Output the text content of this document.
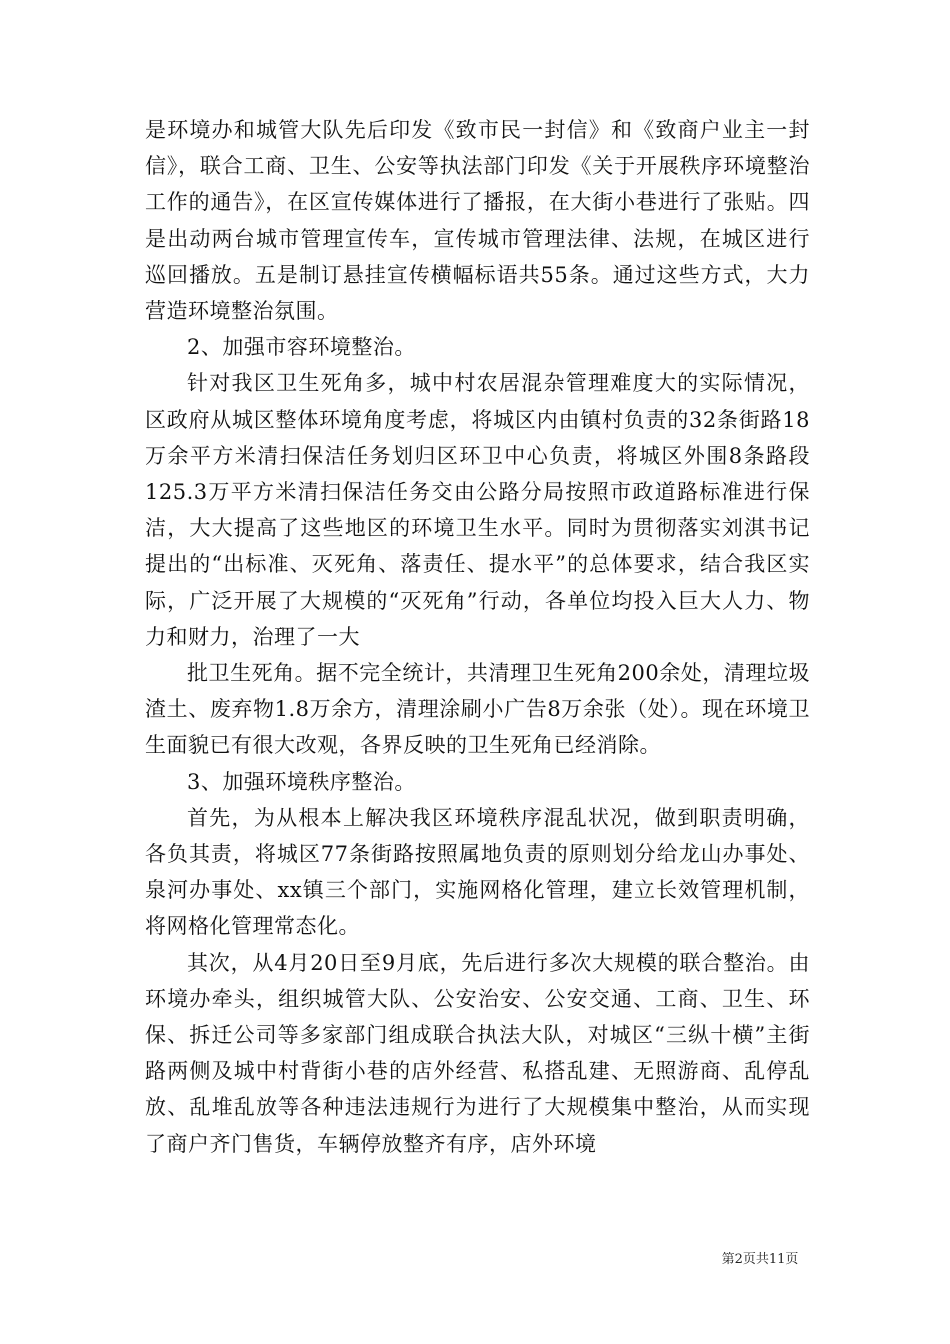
是环境办和城管大队先后印发《致市民一封信》和《致商户业主一封信》，联合工商、卫生、公安等执法部门印发《关于开展秩序环境整治工作的通告》，在区宣传媒体进行了播报，在大街小巷进行了张贴。四是出动两台城市管理宣传车，宣传城市管理法律、法规，在城区进行巡回播放。五是制订悬挂宣传横幅标语共55条。通过这些方式，大力营造环境整治氛围。

2、加强市容环境整治。

针对我区卫生死角多，城中村农居混杂管理难度大的实际情况，区政府从城区整体环境角度考虑，将城区内由镇村负责的32条街路18万余平方米清扫保洁任务划归区环卫中心负责，将城区外围8条路段125.3万平方米清扫保洁任务交由公路分局按照市政道路标准进行保洁，大大提高了这些地区的环境卫生水平。同时为贯彻落实刘淇书记提出的“出标准、灭死角、落责任、提水平”的总体要求，结合我区实际，广泛开展了大规模的“灭死角”行动，各单位均投入巨大人力、物力和财力，治理了一大

批卫生死角。据不完全统计，共清理卫生死角200余处，清理垃圾渣土、废弃物1.8万余方，清理涂刷小广告8万余张（处）。现在环境卫生面貌已有很大改观，各界反映的卫生死角已经消除。

3、加强环境秩序整治。

首先，为从根本上解决我区环境秩序混乱状况，做到职责明确，各负其责，将城区77条街路按照属地负责的原则划分给龙山办事处、泉河办事处、xx镇三个部门，实施网格化管理，建立长效管理机制，将网格化管理常态化。

其次，从4月20日至9月底，先后进行多次大规模的联合整治。由环境办牵头，组织城管大队、公安治安、公安交通、工商、卫生、环保、拆迁公司等多家部门组成联合执法大队，对城区“三纵十横”主街路两侧及城中村背街小巷的店外经营、私搭乱建、无照游商、乱停乱放、乱堆乱放等各种违法违规行为进行了大规模集中整治，从而实现了商户齐门售货，车辆停放整齐有序，店外环境

第2页共11页
